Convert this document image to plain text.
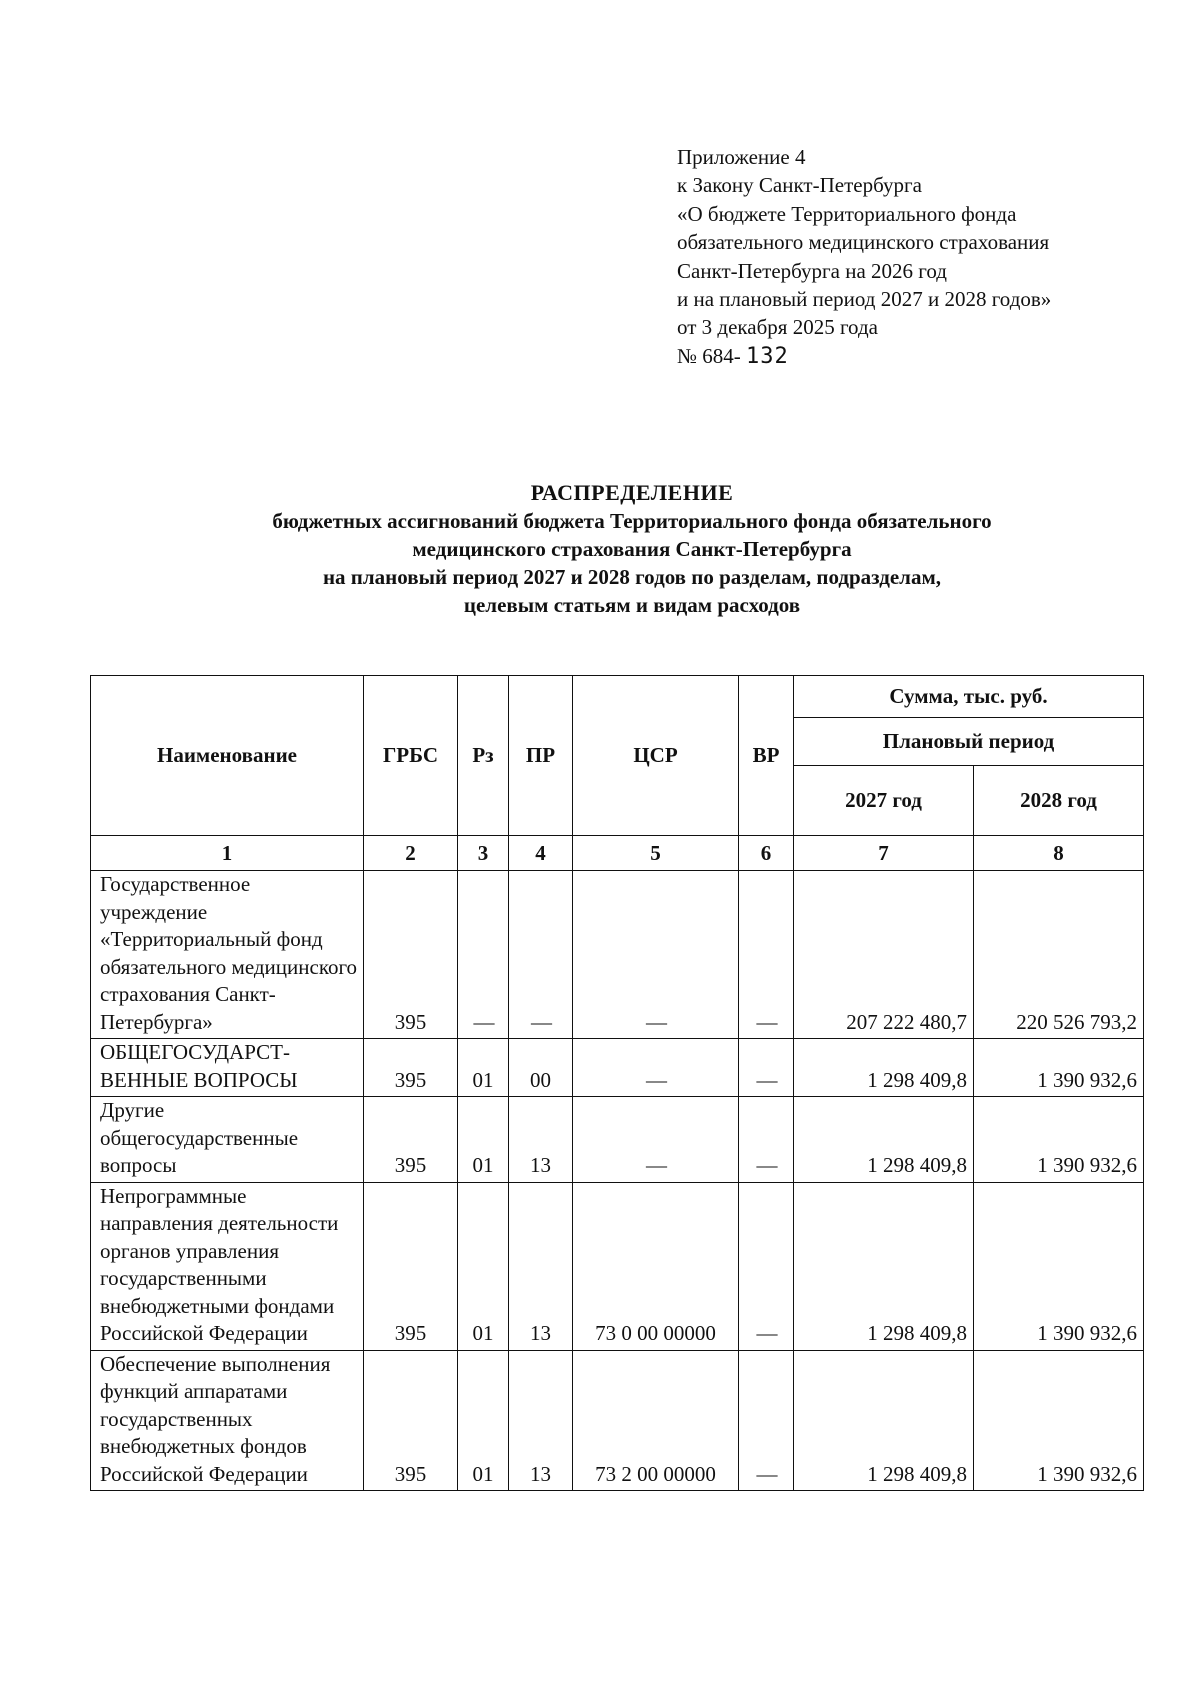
Приложение 4
к Закону Санкт-Петербурга
«О бюджете Территориального фонда
обязательного медицинского страхования
Санкт-Петербурга на 2026 год
и на плановый период 2027 и 2028 годов»
от 3 декабря 2025 года
№ 684- 132
РАСПРЕДЕЛЕНИЕ
бюджетных ассигнований бюджета Территориального фонда обязательного
медицинского страхования Санкт-Петербурга
на плановый период 2027 и 2028 годов по разделам, подразделам,
целевым статьям и видам расходов
Наименование	ГРБС	Рз	ПР	ЦСР	ВР	Сумма, тыс. руб.	
						Плановый период	
						2027 год	2028 год
1	2	3	4	5	6	7	8
Государственное учреждение «Территориальный фонд обязательного медицинского страхования Санкт-Петербурга»	395	—	—	—	—	207 222 480,7	220 526 793,2
ОБЩЕГОСУДАРСТ-ВЕННЫЕ ВОПРОСЫ	395	01	00	—	—	1 298 409,8	1 390 932,6
Другие общегосударственные вопросы	395	01	13	—	—	1 298 409,8	1 390 932,6
Непрограммные направления деятельности органов управления государственными внебюджетными фондами Российской Федерации	395	01	13	73 0 00 00000	—	1 298 409,8	1 390 932,6
Обеспечение выполнения функций аппаратами государственных внебюджетных фондов Российской Федерации	395	01	13	73 2 00 00000	—	1 298 409,8	1 390 932,6
